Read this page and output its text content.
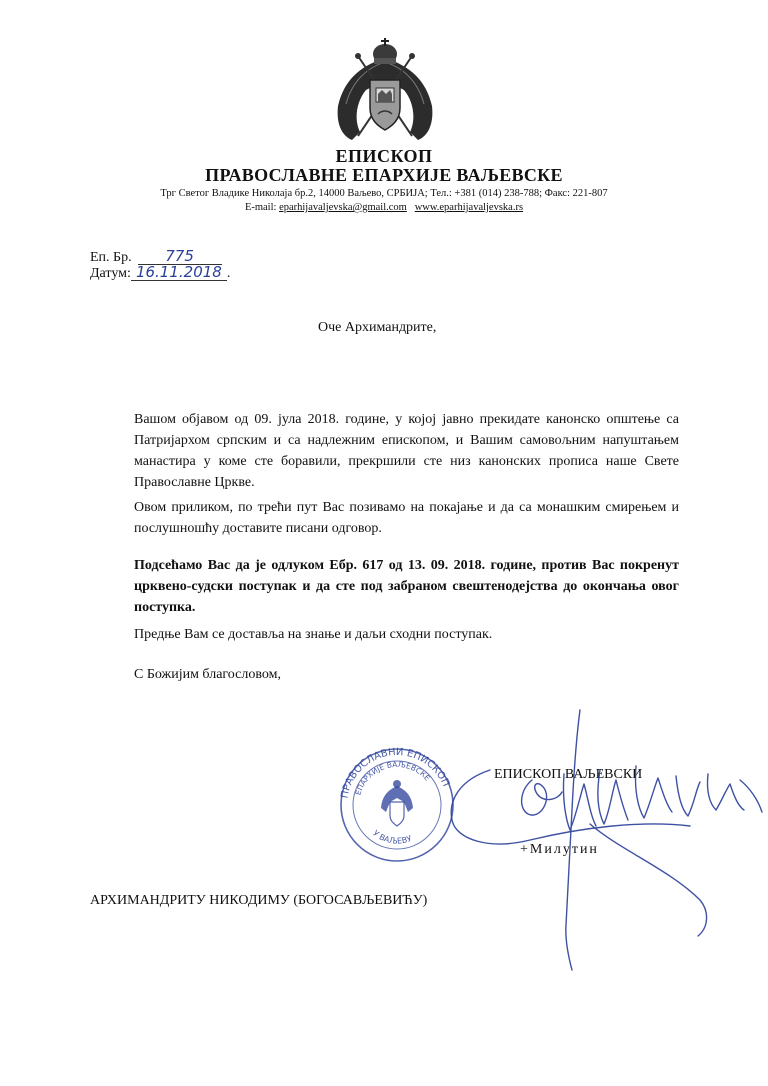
ЕПИСКОП
ПРАВОСЛАВНЕ ЕПАРХИЈЕ ВАЉЕВСКЕ
Трг Светог Владике Николаја бр.2, 14000 Ваљево, СРБИЈА; Тел.: +381 (014) 238-788; Факс: 221-807
E-mail: eparhijavaljevska@gmail.com www.eparhijavaljevska.rs
Еп. Бр. 775
Датум: 16.11.2018 .
Оче Архимандрите,
Вашом објавом од 09. јула 2018. године, у којој јавно прекидате канонско општење са Патријархом српским и са надлежним епископом, и Вашим самовољним напуштањем манастира у коме сте боравили, прекршили сте низ канонских прописа наше Свете Православне Цркве.
Овом приликом, по трећи пут Вас позивамо на покајање и да са монашким смирењем и послушношћу доставите писани одговор.
Подсећамо Вас да је одлуком Ебр. 617 од 13. 09. 2018. године, против Вас покренут црквено-судски поступак и да сте под забраном свештенодејства до окончања овог поступка.
Предње Вам се доставља на знање и даљи сходни поступак.
С Божијим благословом,
ПРАВОСЛАВНИ ЕПИСКОП
ЕПАРХИЈЕ ВАЉЕВСКЕ
У ВАЉЕВУ
ЕПИСКОП ВАЉЕВСКИ
+Милутин
АРХИМАНДРИТУ НИКОДИМУ (БОГОСАВЉЕВИЋУ)
